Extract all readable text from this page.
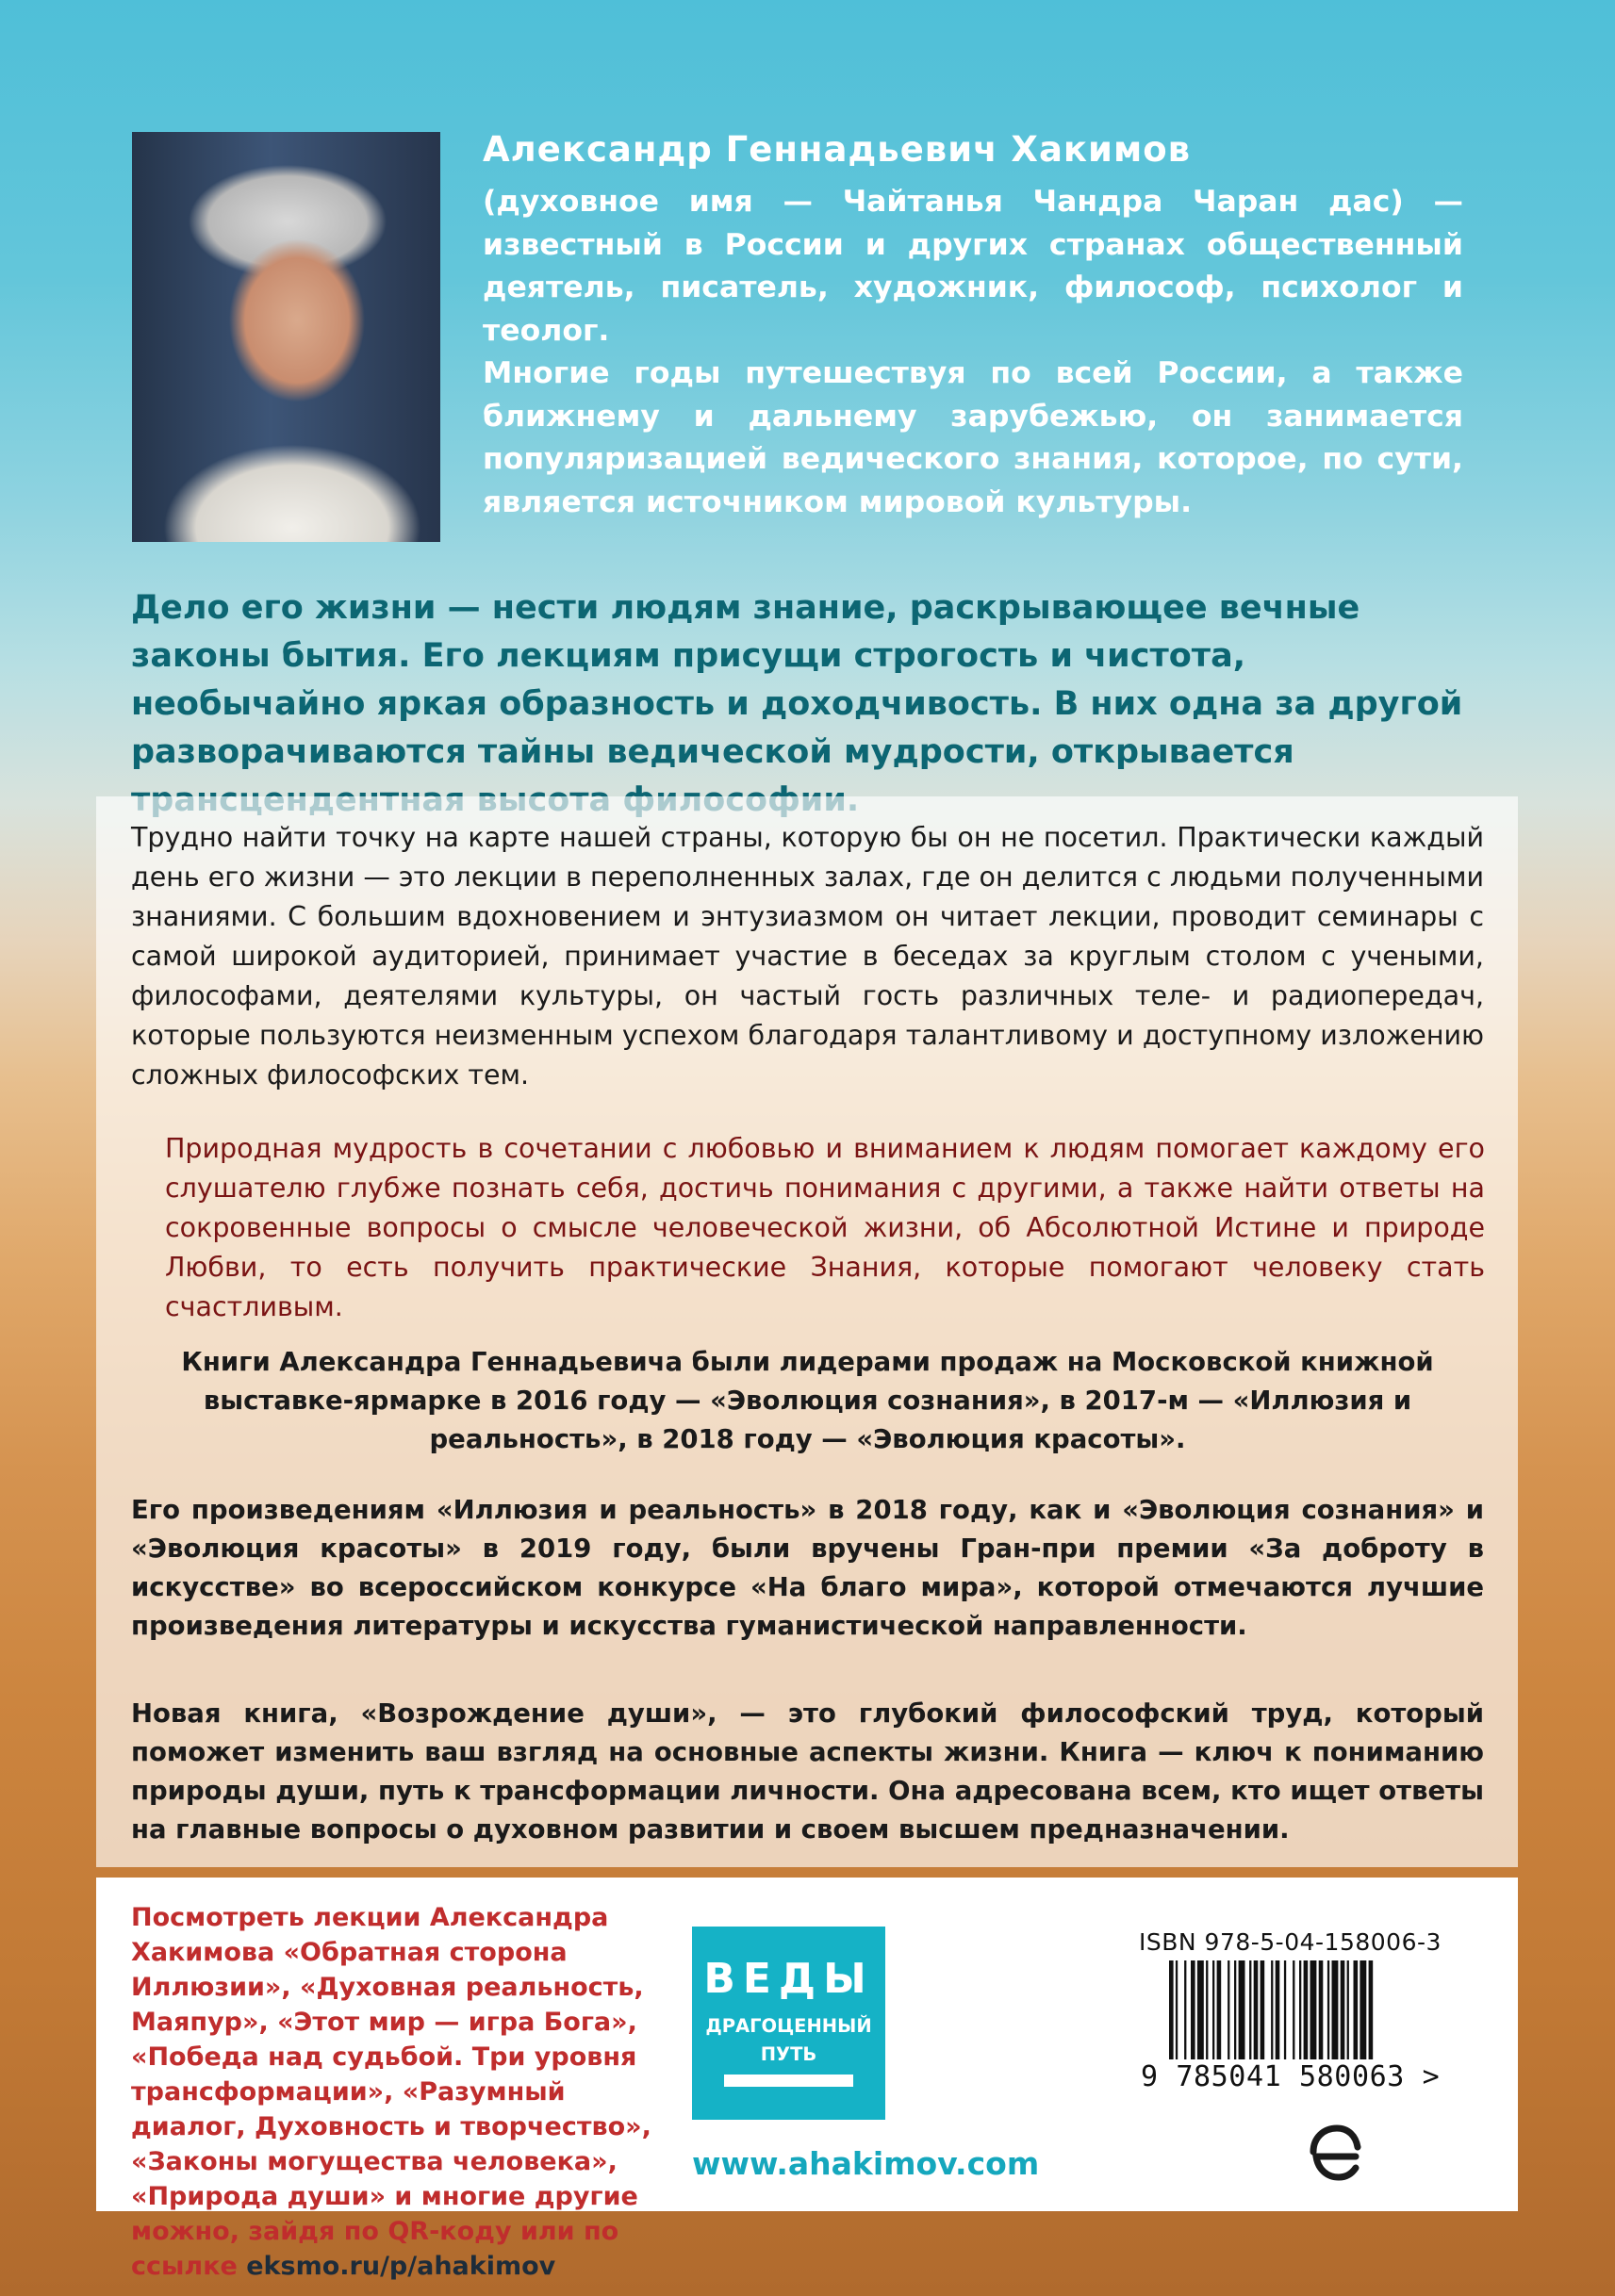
Александр Геннадьевич Хакимов

(духовное имя — Чайтанья Чандра Чаран дас) — известный в России и других странах общественный деятель, писатель, художник, философ, психолог и теолог.

Многие годы путешествуя по всей России, а также ближнему и дальнему зарубежью, он занимается популяризацией ведического знания, которое, по сути, является источником мировой культуры.

Дело его жизни — нести людям знание, раскрывающее вечные законы бытия. Его лекциям присущи строгость и чистота, необычайно яркая образность и доходчивость. В них одна за другой разворачиваются тайны ведической мудрости, открывается
Трудно найти точку на карте нашей страны, которую бы он не посетил. Практически каждый день его жизни — это лекции в переполненных залах, где он делится с людьми полученными знаниями. С большим вдохновением и энтузиазмом он читает лекции, проводит семинары с самой широкой аудиторией, принимает участие в беседах за круглым столом с учеными, философами, деятелями культуры, он частый гость различных теле- и радиопередач, которые пользуются неизменным успехом благодаря талантливому и доступному изложению сложных философских тем.
Природная мудрость в сочетании с любовью и вниманием к людям помогает каждому его слушателю глубже познать себя, достичь понимания с другими, а также найти ответы на сокровенные вопросы о смысле человеческой жизни, об Абсолютной Истине и природе Любви, то есть получить практические Знания, которые помогают человеку стать счастливым.
Книги Александра Геннадьевича были лидерами продаж на Московской книжной выставке-ярмарке в 2016 году — «Эволюция сознания», в 2017-м — «Иллюзия и реальность», в 2018 году — «Эволюция красоты».
Его произведениям «Иллюзия и реальность» в 2018 году, как и «Эволюция сознания» и «Эволюция красоты» в 2019 году, были вручены Гран-при премии «За доброту в искусстве» во всероссийском конкурсе «На благо мира», которой отмечаются лучшие произведения литературы и искусства гуманистической направленности.
Новая книга, «Возрождение души», — это глубокий философский труд, который поможет изменить ваш взгляд на основные аспекты жизни. Книга — ключ к пониманию природы души, путь к трансформации личности. Она адресована всем, кто ищет ответы на главные вопросы о духовном развитии и своем высшем предназначении.
Посмотреть лекции Александра Хакимова «Обратная сторона Иллюзии», «Духовная реальность, Маяпур», «Этот мир — игра Бога», «Победа над судьбой. Три уровня трансформации», «Разумный диалог, Духовность и творчество», «Законы могущества человека», «Природа души» и многие другие можно, зайдя по QR-коду или по ссылке eksmo.ru/p/ahakimov
ВЕДЫ
ДРАГОЦЕННЫЙ
ПУТЬ
www.ahakimov.com
ISBN 978-5-04-158006-3
9 785041 580063 >
